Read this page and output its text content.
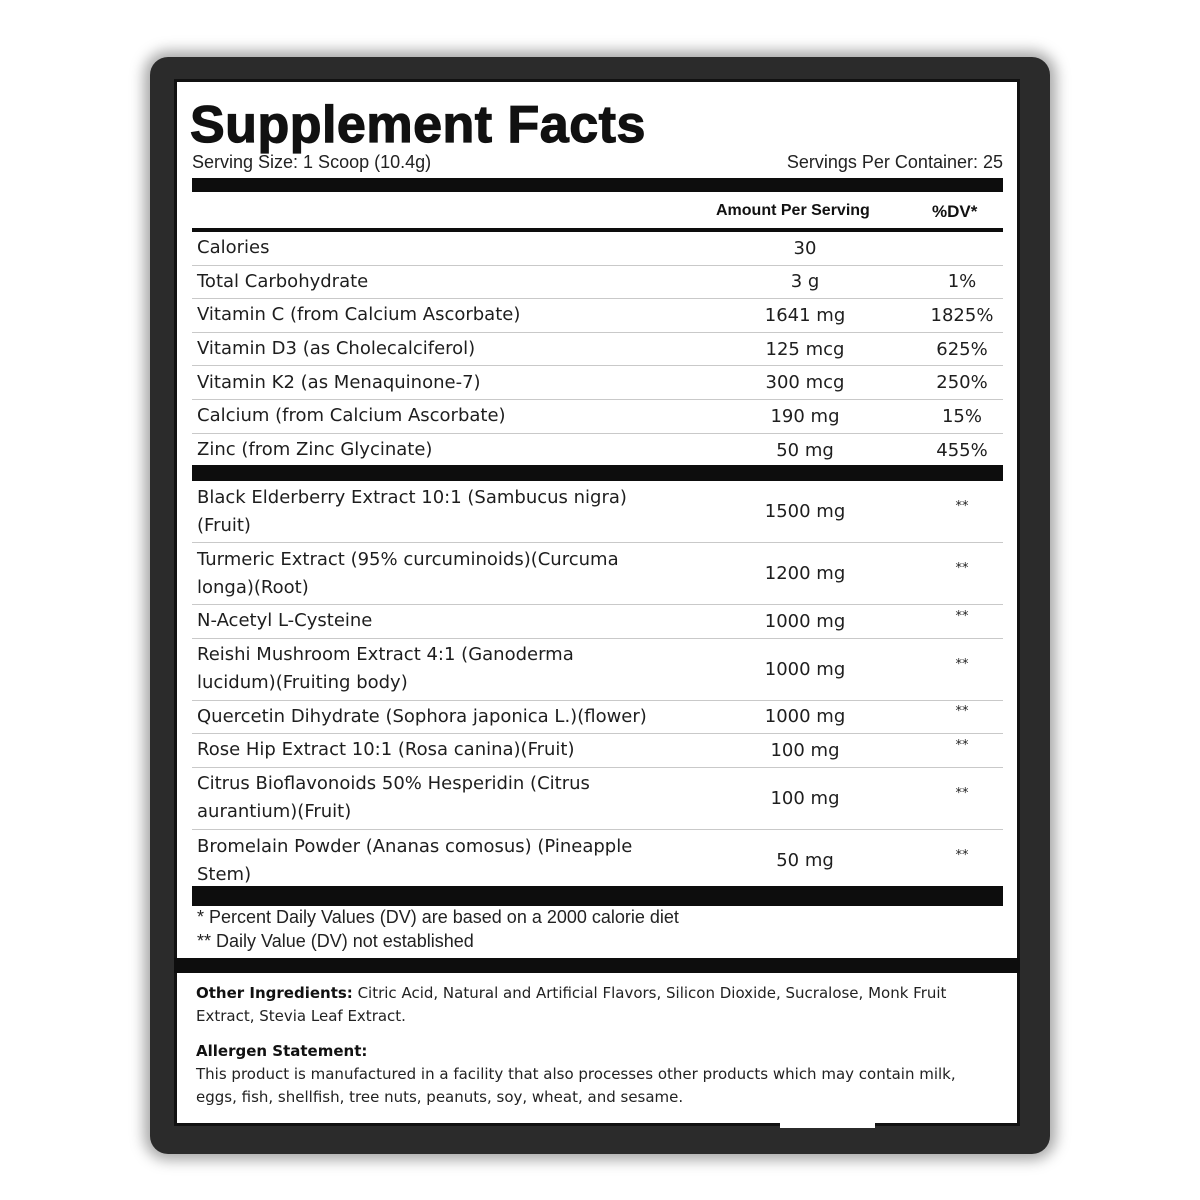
Supplement Facts
Serving Size: 1 Scoop (10.4g)	Servings Per Container: 25
Amount Per Serving	%DV*
Calories	30
Total Carbohydrate	3 g	1%
Vitamin C (from Calcium Ascorbate)	1641 mg	1825%
Vitamin D3 (as Cholecalciferol)	125 mcg	625%
Vitamin K2 (as Menaquinone-7)	300 mcg	250%
Calcium (from Calcium Ascorbate)	190 mg	15%
Zinc (from Zinc Glycinate)	50 mg	455%
Black Elderberry Extract 10:1 (Sambucus nigra)(Fruit)
1500 mg	**
Turmeric Extract (95% curcuminoids)(Curcuma longa)(Root)
1200 mg	**
N-Acetyl L-Cysteine	1000 mg	**
Reishi Mushroom Extract 4:1 (Ganoderma lucidum)(Fruiting body)
1000 mg	**
Quercetin Dihydrate (Sophora japonica L.)(flower)	1000 mg	**
Rose Hip Extract 10:1 (Rosa canina)(Fruit)	100 mg	**
Citrus Bioflavonoids 50% Hesperidin (Citrus aurantium)(Fruit)
100 mg	**
Bromelain Powder (Ananas comosus) (Pineapple Stem)
50 mg	**
* Percent Daily Values (DV) are based on a 2000 calorie diet
** Daily Value (DV) not established
Other Ingredients: Citric Acid, Natural and Artificial Flavors, Silicon Dioxide, Sucralose, Monk Fruit Extract, Stevia Leaf Extract.
Allergen Statement:
This product is manufactured in a facility that also processes other products which may contain milk, eggs, fish, shellfish, tree nuts, peanuts, soy, wheat, and sesame.
